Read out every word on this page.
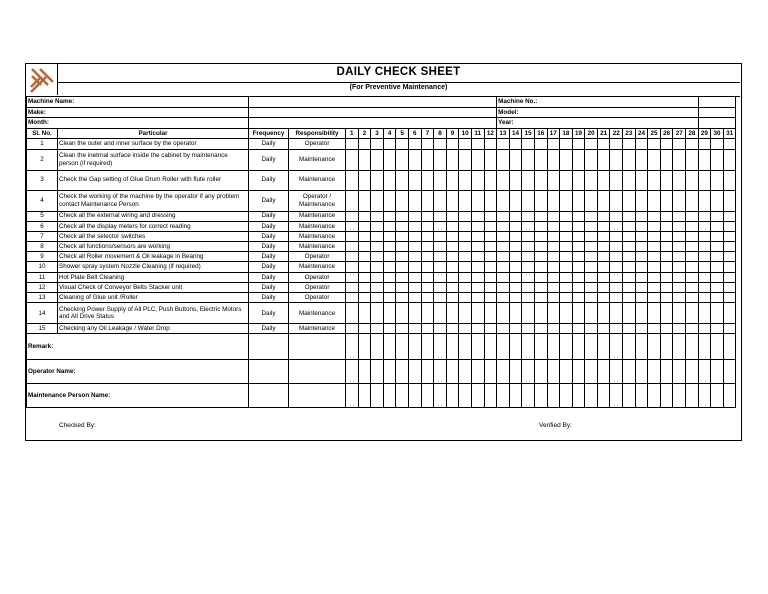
DAILY CHECK SHEET
(For Preventive Maintenance)
Machine Name:																Machine No.:																		
Make:																Model:																		
Month:																Year:																		
Sl. No.	Particular	Frequency	Responsibility	1	2	3	4	5	6	7	8	9	10	11	12	13	14	15	16	17	18	19	20	21	22	23	24	25	26	27	28	29	30	31
1	Clean the outer and inner surface by the operator	Daily	Operator																															
2	Clean the inetrnal surface inside the cabinet by maintenance person (if required)	Daily	Maintenance																															
3	Check the Gap setting of Glue Drum Roller with flute roller	Daily	Maintenance																															
4	Check the working of the machine by the operator if any problem contact Maintenance Person	Daily	Operator / Maintenance																															
5	Check all the external wiring and dressing	Daily	Maintenance																															
6	Check all the display meters for correct reading	Daily	Maintenance																															
7	Check all the selector switches	Daily	Maintenance																															
8	Check all functions/sensors are working	Daily	Maintenance																															
9	Check all Roller movement & Oil leakage in Bearing	Daily	Operator																															
10	Shower spray system Nozzle Cleaning (if required)	Daily	Maintenance																															
11	Hot Plate Belt Cleaning	Daily	Operator																															
12	Visual Check of Conveyor Belts Stacker unit	Daily	Operator																															
13	Cleaning of Glue unit /Roller	Daily	Operator																															
14	Checking Power Supply of All PLC, Push Buttons, Electric Motors and All Drive Status	Daily	Maintenance																															
15	Checking any Oil Leakage / Water Drop	Daily	Maintenance																															
Remark:																																		
Operator Name:																																		
Maintenance Person Name:																																		
Checked By:	Verified By:
